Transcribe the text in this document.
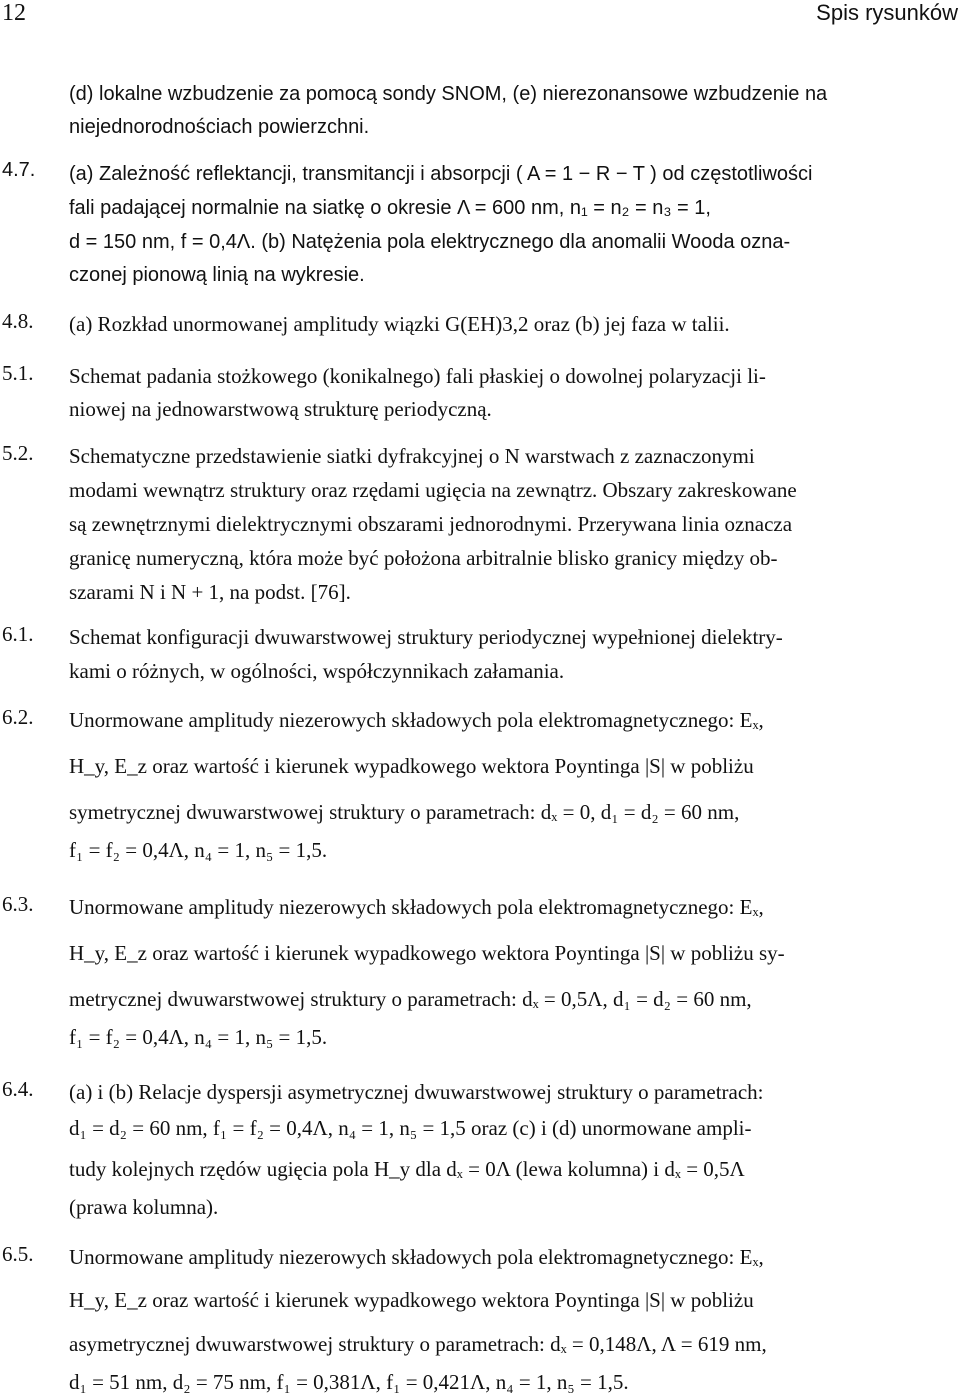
12	Spis rysunków
(d) lokalne wzbudzenie za pomocą sondy SNOM, (e) nierezonansowe wzbudzenie na
niejednorodnościach powierzchni.
4.7. (a) Zależność reflektancji, transmitancji i absorpcji ( A = 1 − R − T ) od częstotliwości
fali padającej normalnie na siatkę o okresie Λ = 600 nm, n₁ = n₂ = n₃ = 1,
d = 150 nm, f = 0,4Λ. (b) Natężenia pola elektrycznego dla anomalii Wooda ozna-
czonej pionową linią na wykresie.
4.8. (a) Rozkład unormowanej amplitudy wiązki G(EH)3,2 oraz (b) jej faza w talii.
5.1. Schemat padania stożkowego (konikalnego) fali płaskiej o dowolnej polaryzacji li-
niowej na jednowarstwową strukturę periodyczną.
5.2. Schematyczne przedstawienie siatki dyfrakcyjnej o N warstwach z zaznaczonymi
modami wewnątrz struktury oraz rzędami ugięcia na zewnątrz. Obszary zakreskowane
są zewnętrznymi dielektrycznymi obszarami jednorodnymi. Przerywana linia oznacza
granicę numeryczną, która może być położona arbitralnie blisko granicy między ob-
szarami N i N + 1, na podst. [76].
6.1. Schemat konfiguracji dwuwarstwowej struktury periodycznej wypełnionej dielektry-
kami o różnych, w ogólności, współczynnikach załamania.
6.2. Unormowane amplitudy niezerowych składowych pola elektromagnetycznego: Eₓ,
H_y, E_z oraz wartość i kierunek wypadkowego wektora Poyntinga |S| w pobliżu
symetrycznej dwuwarstwowej struktury o parametrach: dₓ = 0, d₁ = d₂ = 60 nm,
f₁ = f₂ = 0,4Λ, n₄ = 1, n₅ = 1,5.
6.3. Unormowane amplitudy niezerowych składowych pola elektromagnetycznego: Eₓ,
H_y, E_z oraz wartość i kierunek wypadkowego wektora Poyntinga |S| w pobliżu sy-
metrycznej dwuwarstwowej struktury o parametrach: dₓ = 0,5Λ, d₁ = d₂ = 60 nm,
f₁ = f₂ = 0,4Λ, n₄ = 1, n₅ = 1,5.
6.4. (a) i (b) Relacje dyspersji asymetrycznej dwuwarstwowej struktury o parametrach:
d₁ = d₂ = 60 nm, f₁ = f₂ = 0,4Λ, n₄ = 1, n₅ = 1,5 oraz (c) i (d) unormowane ampli-
tudy kolejnych rzędów ugięcia pola H_y dla dₓ = 0Λ (lewa kolumna) i dₓ = 0,5Λ
(prawa kolumna).
6.5. Unormowane amplitudy niezerowych składowych pola elektromagnetycznego: Eₓ,
H_y, E_z oraz wartość i kierunek wypadkowego wektora Poyntinga |S| w pobliżu
asymetrycznej dwuwarstwowej struktury o parametrach: dₓ = 0,148Λ, Λ = 619 nm,
d₁ = 51 nm, d₂ = 75 nm, f₁ = 0,381Λ, f₁ = 0,421Λ, n₄ = 1, n₅ = 1,5.
